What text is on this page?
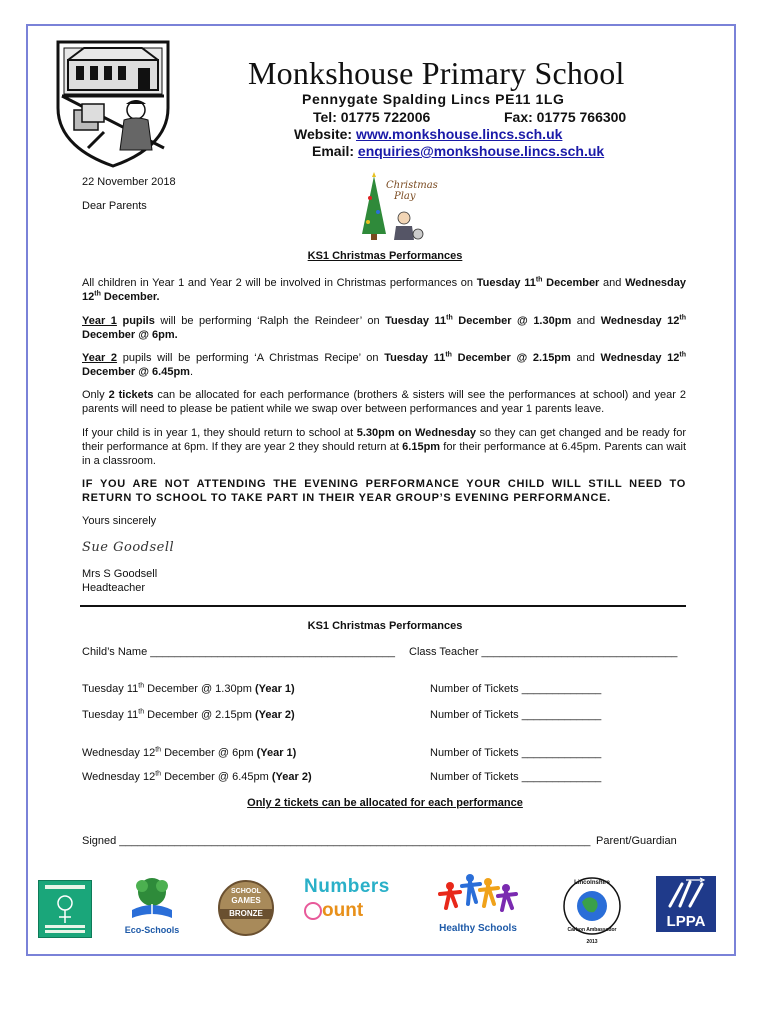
Monkshouse Primary School
Pennygate Spalding Lincs PE11 1LG
Tel: 01775 722006	Fax: 01775 766300
Website: www.monkshouse.lincs.sch.uk
Email: enquiries@monkshouse.lincs.sch.uk
22 November 2018	Christmas
Play
Dear Parents
KS1 Christmas Performances
All children in Year 1 and Year 2 will be involved in Christmas performances on Tuesday 11th December and Wednesday 12th December.
Year 1 pupils will be performing ‘Ralph the Reindeer’ on Tuesday 11th December @ 1.30pm and Wednesday 12th December @ 6pm.
Year 2 pupils will be performing ‘A Christmas Recipe’ on Tuesday 11th December @ 2.15pm and Wednesday 12th December @ 6.45pm.
Only 2 tickets can be allocated for each performance (brothers & sisters will see the performances at school) and year 2 parents will need to please be patient while we swap over between performances and year 1 parents leave.
If your child is in year 1, they should return to school at 5.30pm on Wednesday so they can get changed and be ready for their performance at 6pm. If they are year 2 they should return at 6.15pm for their performance at 6.45pm. Parents can wait in a classroom.
IF YOU ARE NOT ATTENDING THE EVENING PERFORMANCE YOUR CHILD WILL STILL NEED TO RETURN TO SCHOOL TO TAKE PART IN THEIR YEAR GROUP’S EVENING PERFORMANCE.
Yours sincerely
Sue Goodsell
Mrs S Goodsell
Headteacher
KS1 Christmas Performances
Child’s Name ________________________________________ Class Teacher ________________________________
Tuesday 11th December @ 1.30pm (Year 1)	Number of Tickets _____________
Tuesday 11th December @ 2.15pm (Year 2)	Number of Tickets _____________
Wednesday 12th December @ 6pm (Year 1)	Number of Tickets _____________
Wednesday 12th December @ 6.45pm (Year 2)	Number of Tickets _____________
Only 2 tickets can be allocated for each performance
Signed _____________________________________________________________________________ Parent/Guardian
Eco-Schools
SCHOOL
GAMES
BRONZE
Numbers
ount
Healthy Schools
Lincolnshire
Carbon Ambassador
2013
LPPA
